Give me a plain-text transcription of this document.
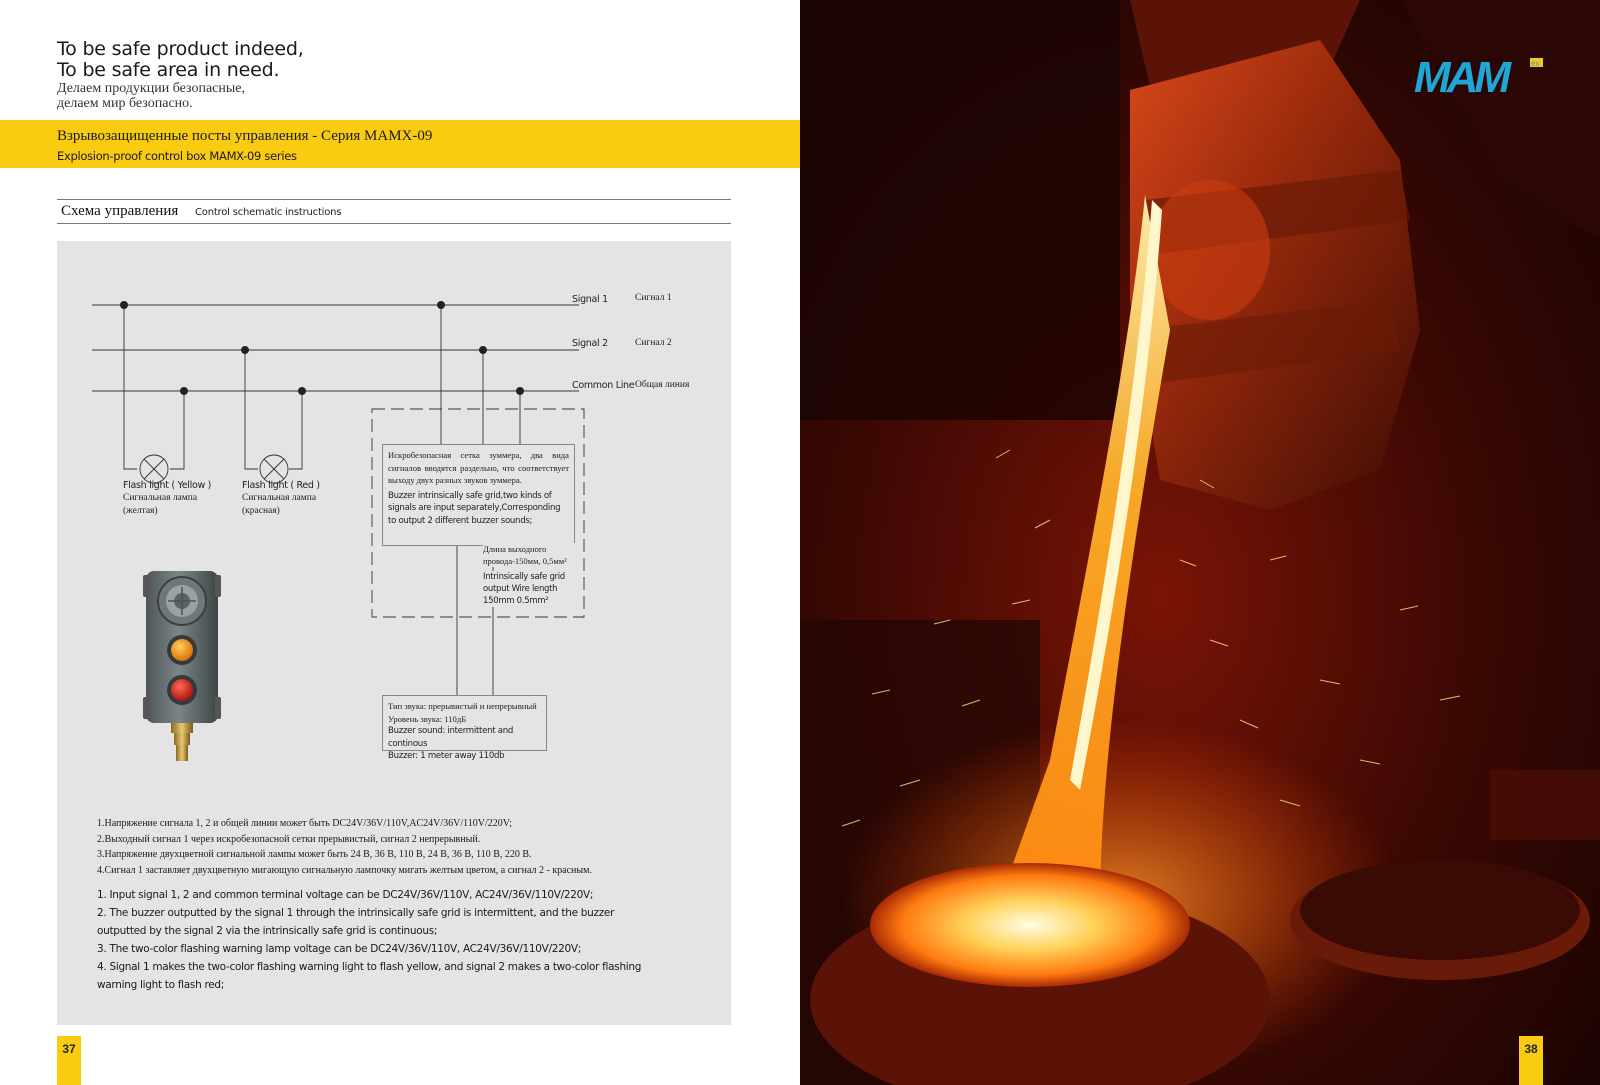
To be safe product indeed,
To be safe area in need.
Делаем продукции безопасные,
делаем мир безопасно.
Взрывозащищенные посты управления - Серия MAMX-09
Explosion-proof control box MAMX-09 series
Схема управления Control schematic instructions
Signal 1	Сигнал 1
Signal 2	Сигнал 2
Common Line Общая линия
Flash light ( Yellow )
Сигнальная лампа
(желтая)
Flash light ( Red )
Сигнальная лампа
(красная)
Искробезопасная сетка зуммера, два вида сигналов вводятся раздельно, что соответствует выходу двух разных звуков зуммера.
Buzzer intrinsically safe grid,two kinds of signals are input separately,Corresponding to output 2 different buzzer sounds;
Длина выходного провода-150мм, 0,5мм²
Intrinsically safe grid output Wire length 150mm 0.5mm²
Тип звука: прерывистый и непрерывный
Уровень звука: 110дБ
Buzzer sound: intermittent and continous
Buzzer: 1 meter away 110db
1.Напряжение сигнала 1, 2 и общей линии может быть DC24V/36V/110V,AC24V/36V/110V/220V;
2.Выходный сигнал 1 через искробезопасной сетки прерывистый, сигнал 2 непрерывный.
3.Напряжение двухцветной сигнальной лампы может быть 24 В, 36 В, 110 В, 24 В, 36 В, 110 В, 220 В.
4.Сигнал 1 заставляет двухцветную мигающую сигнальную лампочку мигать желтым цветом, а сигнал 2 - красным.
1. Input signal 1, 2 and common terminal voltage can be DC24V/36V/110V, AC24V/36V/110V/220V;
2. The buzzer outputted by the signal 1 through the intrinsically safe grid is intermittent, and the buzzer outputted by the signal 2 via the intrinsically safe grid is continuous;
3. The two-color flashing warning lamp voltage can be DC24V/36V/110V, AC24V/36V/110V/220V;
4. Signal 1 makes the two-color flashing warning light to flash yellow, and signal 2 makes a two-color flashing warning light to flash red;
37
MAM	ex
38
